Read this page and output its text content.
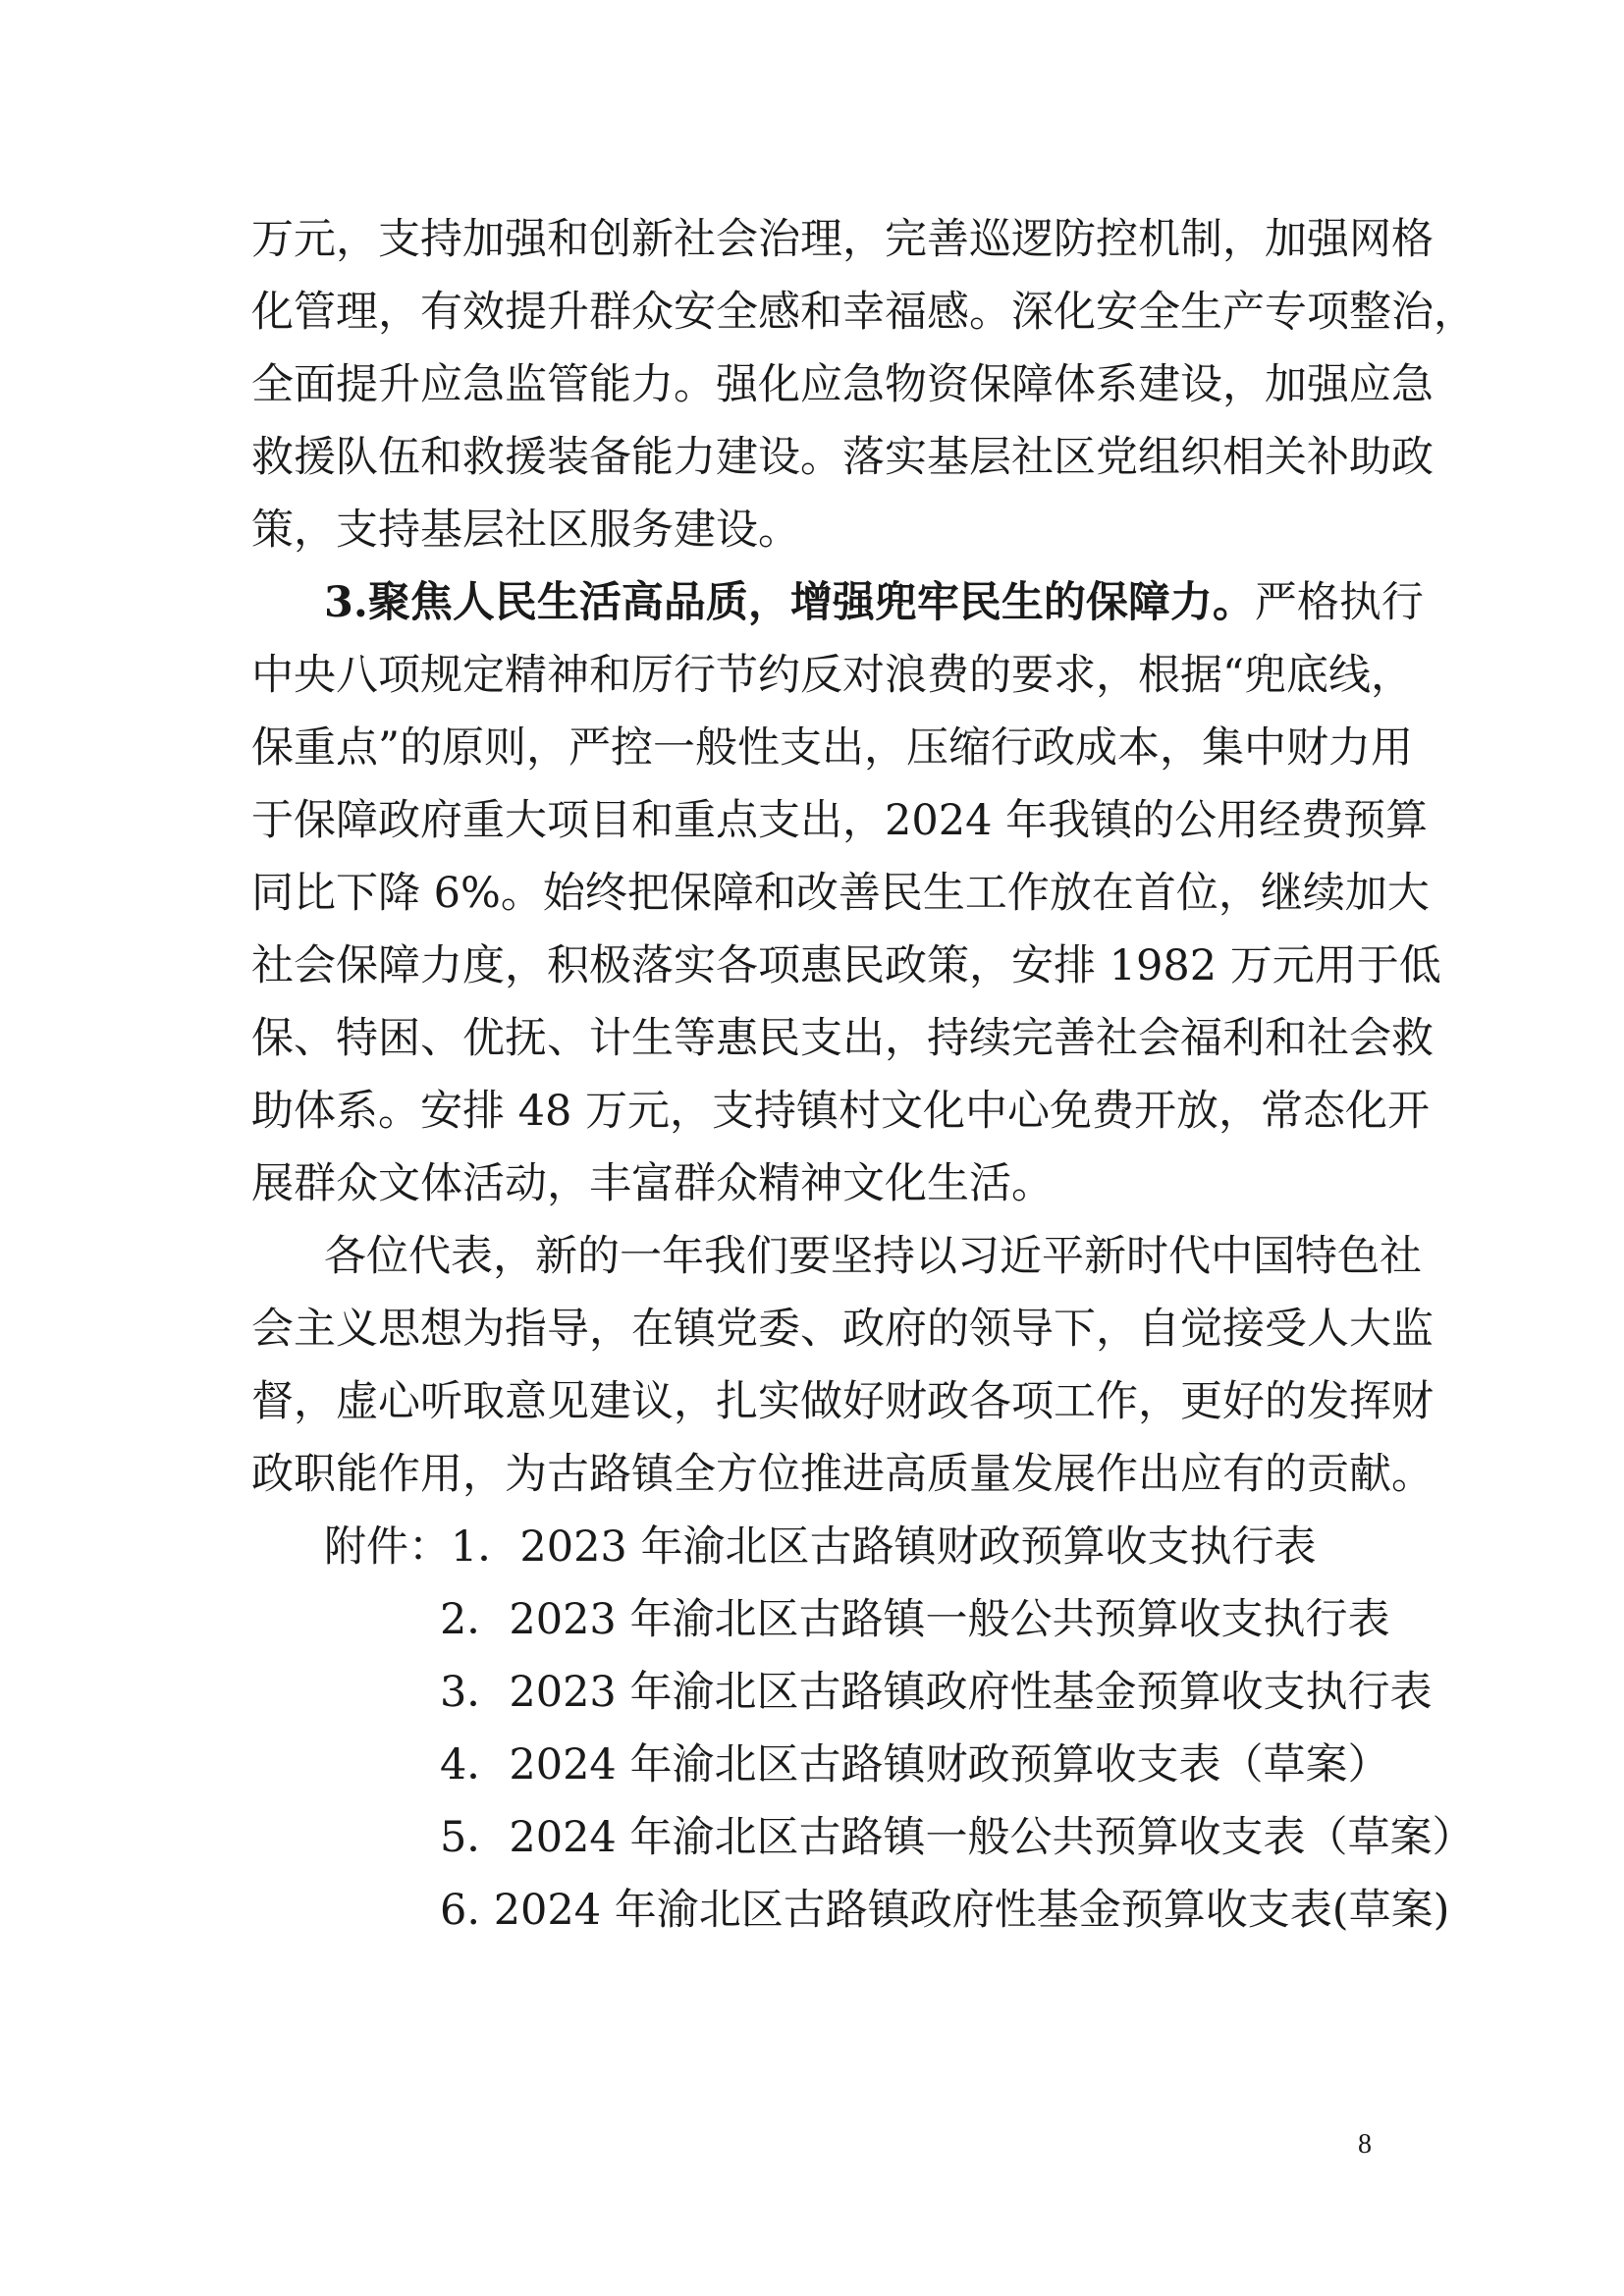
万元，支持加强和创新社会治理，完善巡逻防控机制，加强网格
化管理，有效提升群众安全感和幸福感。深化安全生产专项整治，
全面提升应急监管能力。强化应急物资保障体系建设，加强应急
救援队伍和救援装备能力建设。落实基层社区党组织相关补助政
策，支持基层社区服务建设。
3.聚焦人民生活高品质，增强兜牢民生的保障力。严格执行
中央八项规定精神和厉行节约反对浪费的要求，根据“兜底线，
保重点”的原则，严控一般性支出，压缩行政成本，集中财力用
于保障政府重大项目和重点支出，2024 年我镇的公用经费预算
同比下降 6%。始终把保障和改善民生工作放在首位，继续加大
社会保障力度，积极落实各项惠民政策，安排 1982 万元用于低
保、特困、优抚、计生等惠民支出，持续完善社会福利和社会救
助体系。安排 48 万元，支持镇村文化中心免费开放，常态化开
展群众文体活动，丰富群众精神文化生活。
各位代表，新的一年我们要坚持以习近平新时代中国特色社
会主义思想为指导，在镇党委、政府的领导下，自觉接受人大监
督，虚心听取意见建议，扎实做好财政各项工作，更好的发挥财
政职能作用，为古路镇全方位推进高质量发展作出应有的贡献。
附件：1．2023 年渝北区古路镇财政预算收支执行表
2．2023 年渝北区古路镇一般公共预算收支执行表
3．2023 年渝北区古路镇政府性基金预算收支执行表
4．2024 年渝北区古路镇财政预算收支表（草案）
5．2024 年渝北区古路镇一般公共预算收支表（草案）
6. 2024 年渝北区古路镇政府性基金预算收支表(草案)
8
